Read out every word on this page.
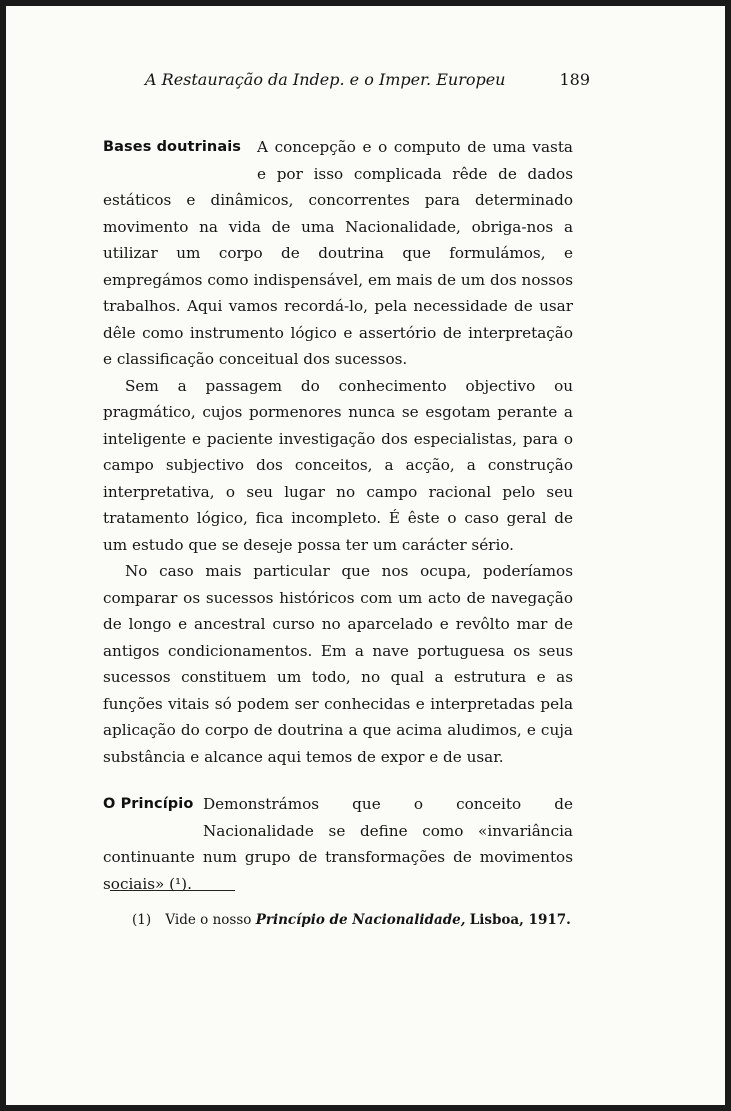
A Restauração da Indep. e o Imper. Europeu	189

Bases doutrinais	A concepção e o computo de uma vasta e por isso complicada rêde de dados estáticos e dinâmicos, concorrentes para determinado movimento na vida de uma Nacionalidade, obriga-nos a utilizar um corpo de doutrina que formulámos, e empregámos como indispensável, em mais de um dos nossos trabalhos. Aqui vamos recordá-lo, pela necessidade de usar dêle como instrumento lógico e assertório de interpretação e classificação conceitual dos sucessos.

Sem a passagem do conhecimento objectivo ou pragmático, cujos pormenores nunca se esgotam perante a inteligente e paciente investigação dos especialistas, para o campo subjectivo dos conceitos, a acção, a construção interpretativa, o seu lugar no campo racional pelo seu tratamento lógico, fica incompleto. É êste o caso geral de um estudo que se deseje possa ter um carácter sério.

No caso mais particular que nos ocupa, poderíamos comparar os sucessos históricos com um acto de navegação de longo e ancestral curso no aparcelado e revôlto mar de antigos condicionamentos. Em a nave portuguesa os seus sucessos constituem um todo, no qual a estrutura e as funções vitais só podem ser conhecidas e interpretadas pela aplicação do corpo de doutrina a que acima aludimos, e cuja substância e alcance aqui temos de expor e de usar.

O Princípio Demonstrámos que o conceito de Nacionalidade se define como «invariância continuante num grupo de transformações de movimentos sociais» (¹).

(1) Vide o nosso Princípio de Nacionalidade, Lisboa, 1917.
